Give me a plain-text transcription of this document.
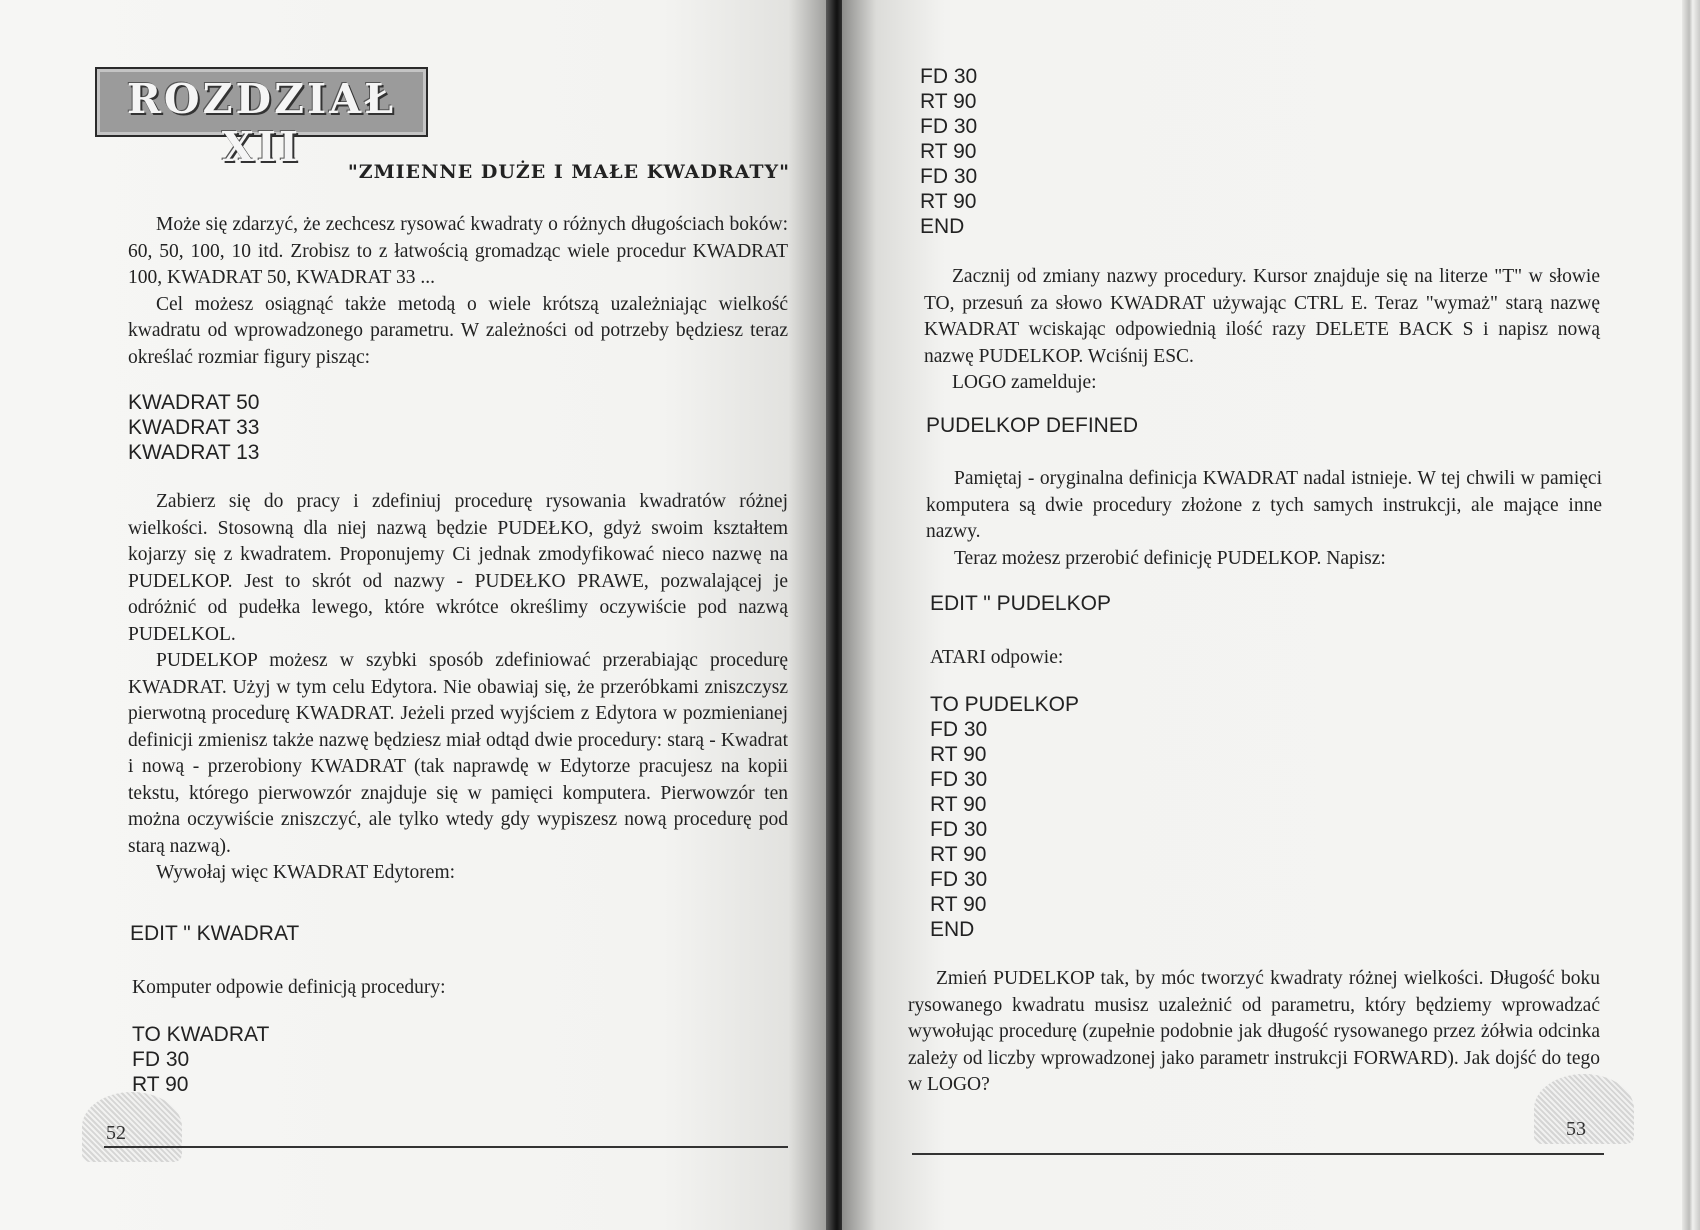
ROZDZIAŁ XII
"ZMIENNE DUŻE I MAŁE KWADRATY"

Może się zdarzyć, że zechcesz rysować kwadraty o różnych długościach boków: 60, 50, 100, 10 itd. Zrobisz to z łatwością gromadząc wiele procedur KWADRAT 100, KWADRAT 50, KWADRAT 33 ...

Cel możesz osiągnąć także metodą o wiele krótszą uzależniając wielkość kwadratu od wprowadzonego parametru. W zależności od potrzeby będziesz teraz określać rozmiar figury pisząc:

KWADRAT 50
KWADRAT 33
KWADRAT 13

Zabierz się do pracy i zdefiniuj procedurę rysowania kwadratów różnej wielkości. Stosowną dla niej nazwą będzie PUDEŁKO, gdyż swoim kształtem kojarzy się z kwadratem. Proponujemy Ci jednak zmodyfikować nieco nazwę na PUDELKOP. Jest to skrót od nazwy - PUDEŁKO PRAWE, pozwalającej je odróżnić od pudełka lewego, które wkrótce określimy oczywiście pod nazwą PUDELKOL.

PUDELKOP możesz w szybki sposób zdefiniować przerabiając procedurę KWADRAT. Użyj w tym celu Edytora. Nie obawiaj się, że przeróbkami zniszczysz pierwotną procedurę KWADRAT. Jeżeli przed wyjściem z Edytora w pozmienianej definicji zmienisz także nazwę będziesz miał odtąd dwie procedury: starą - Kwadrat i nową - przerobiony KWADRAT (tak naprawdę w Edytorze pracujesz na kopii tekstu, którego pierwowzór znajduje się w pamięci komputera. Pierwowzór ten można oczywiście zniszczyć, ale tylko wtedy gdy wypiszesz nową procedurę pod starą nazwą).

Wywołaj więc KWADRAT Edytorem:

EDIT " KWADRAT

Komputer odpowie definicją procedury:

TO KWADRAT
FD 30
RT 90
52
FD 30
RT 90
FD 30
RT 90
FD 30
RT 90
END

Zacznij od zmiany nazwy procedury. Kursor znajduje się na literze "T" w słowie TO, przesuń za słowo KWADRAT używając CTRL E. Teraz "wymaż" starą nazwę KWADRAT wciskając odpowiednią ilość razy DELETE BACK S i napisz nową nazwę PUDELKOP. Wciśnij ESC.

LOGO zamelduje:

PUDELKOP DEFINED

Pamiętaj - oryginalna definicja KWADRAT nadal istnieje. W tej chwili w pamięci komputera są dwie procedury złożone z tych samych instrukcji, ale mające inne nazwy.

Teraz możesz przerobić definicję PUDELKOP. Napisz:

EDIT " PUDELKOP

ATARI odpowie:

TO PUDELKOP
FD 30
RT 90
FD 30
RT 90
FD 30
RT 90
FD 30
RT 90
END

Zmień PUDELKOP tak, by móc tworzyć kwadraty różnej wielkości. Długość boku rysowanego kwadratu musisz uzależnić od parametru, który będziemy wprowadzać wywołując procedurę (zupełnie podobnie jak długość rysowanego przez żółwia odcinka zależy od liczby wprowadzonej jako parametr instrukcji FORWARD). Jak dojść do tego w LOGO?

53
